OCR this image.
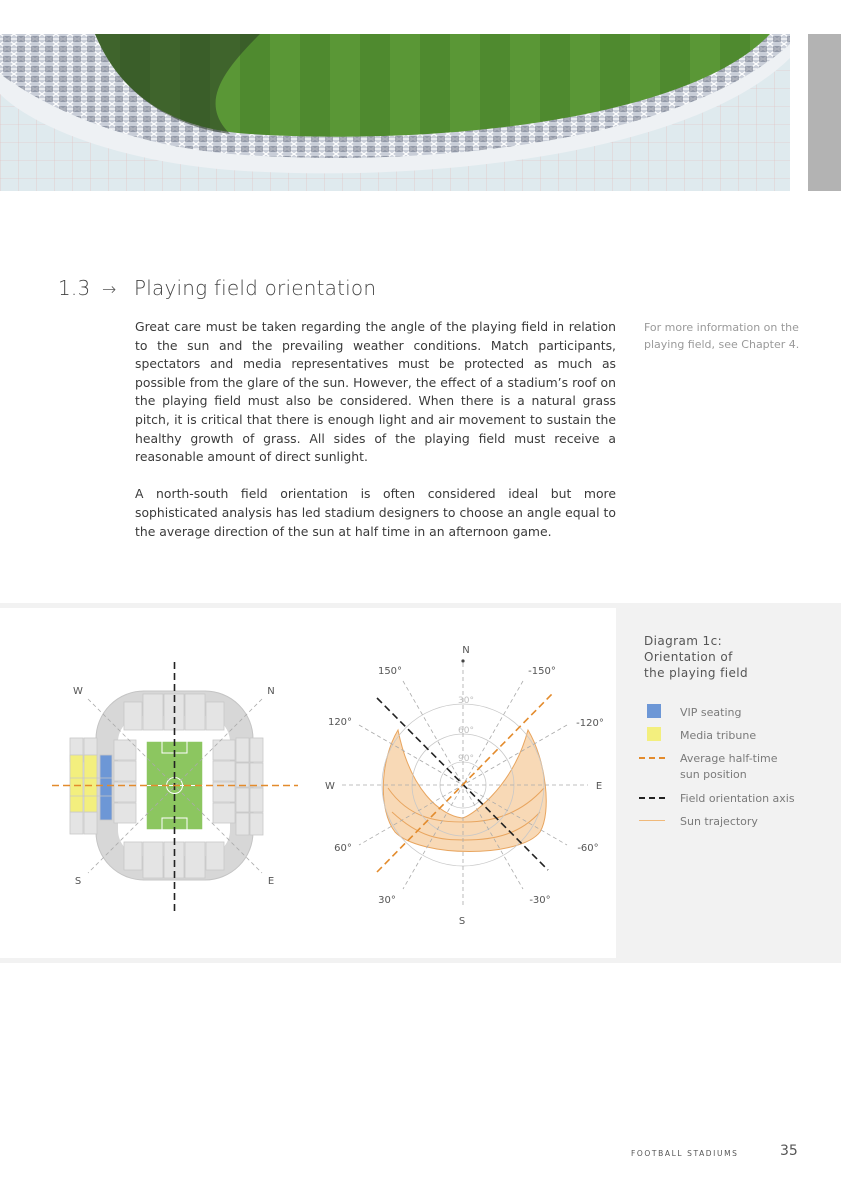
1.3 → Playing field orientation

Great care must be taken regarding the angle of the playing field in relation to the sun and the prevailing weather conditions. Match participants, spectators and media representatives must be protected as much as possible from the glare of the sun. However, the effect of a stadium’s roof on the playing field must also be considered. When there is a natural grass pitch, it is critical that there is enough light and air movement to sustain the healthy growth of grass. All sides of the playing field must receive a reasonable amount of direct sunlight.

A north-south field orientation is often considered ideal but more sophisticated analysis has led stadium designers to choose an angle equal to the average direction of the sun at half time in an afternoon game.

For more information on the playing field, see Chapter 4.
W	N
S	E
N
S
W	E
150°	-150°
120°	-120°
60°	-60°
30°	-30°
30°
60°
90°
Diagram 1c:
Orientation of
the playing field
VIP seating
Media tribune
Average half-time sun position
Field orientation axis
Sun trajectory
FOOTBALL STADIUMS	35
